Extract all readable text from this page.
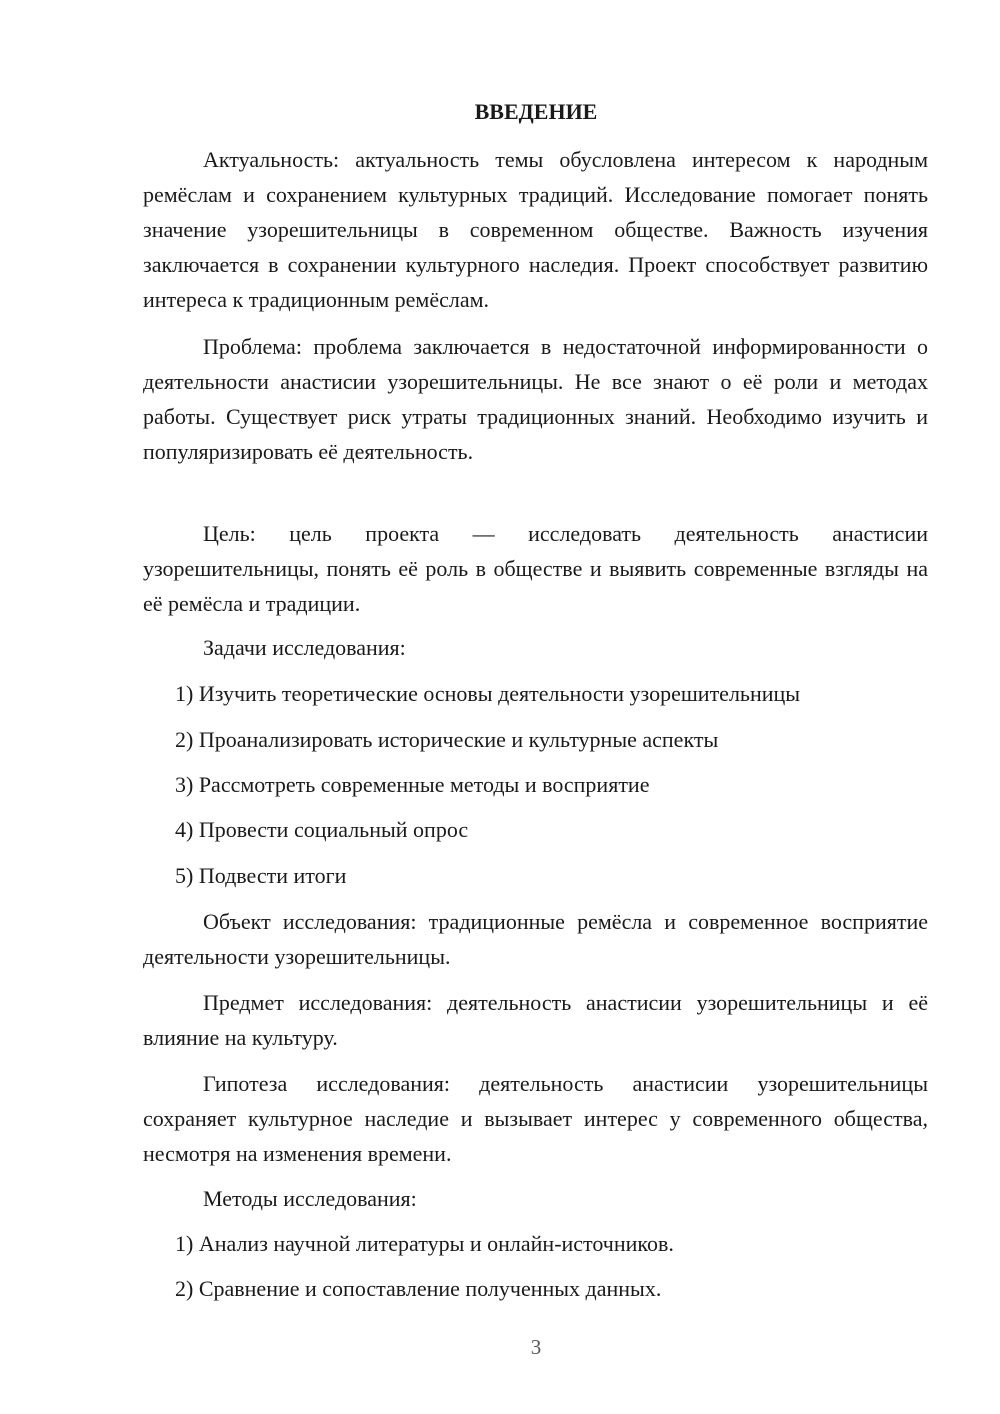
ВВЕДЕНИЕ

Актуальность: актуальность темы обусловлена интересом к народным ремёслам и сохранением культурных традиций. Исследование помогает понять значение узорешительницы в современном обществе. Важность изучения заключается в сохранении культурного наследия. Проект способствует развитию интереса к традиционным ремёслам.

Проблема: проблема заключается в недостаточной информированности о деятельности анастисии узорешительницы. Не все знают о её роли и методах работы. Существует риск утраты традиционных знаний. Необходимо изучить и популяризировать её деятельность.

Цель: цель проекта — исследовать деятельность анастисии узорешительницы, понять её роль в обществе и выявить современные взгляды на её ремёсла и традиции.

Задачи исследования:

1) Изучить теоретические основы деятельности узорешительницы

2) Проанализировать исторические и культурные аспекты

3) Рассмотреть современные методы и восприятие

4) Провести социальный опрос

5) Подвести итоги

Объект исследования: традиционные ремёсла и современное восприятие деятельности узорешительницы.

Предмет исследования: деятельность анастисии узорешительницы и её влияние на культуру.

Гипотеза исследования: деятельность анастисии узорешительницы сохраняет культурное наследие и вызывает интерес у современного общества, несмотря на изменения времени.

Методы исследования:

1) Анализ научной литературы и онлайн-источников.

2) Сравнение и сопоставление полученных данных.

3
